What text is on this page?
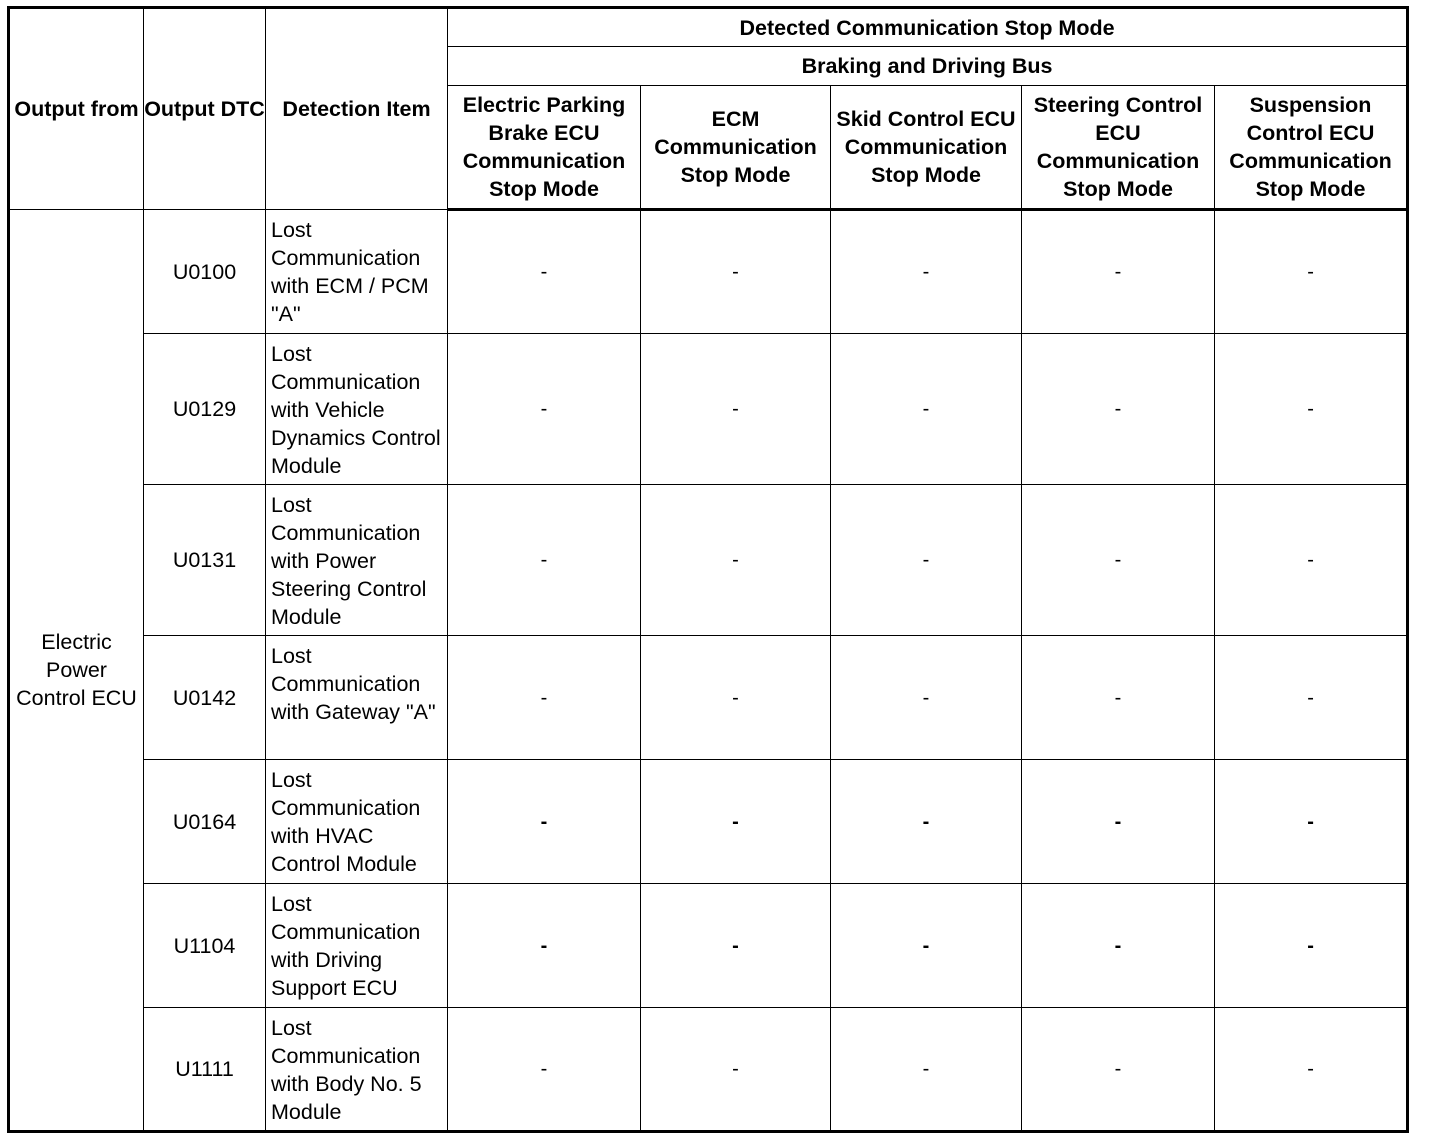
Output from	Output DTC	Detection Item	Detected Communication Stop Mode				
			Braking and Driving Bus				
			Electric Parking Brake ECU Communication Stop Mode	ECM Communication Stop Mode	Skid Control ECU Communication Stop Mode	Steering Control ECU Communication Stop Mode	Suspension Control ECU Communication Stop Mode
Electric Power Control ECU	U0100	Lost Communication with ECM / PCM "A"	-	-	-	-	-
	U0129	Lost Communication with Vehicle Dynamics Control Module	-	-	-	-	-
	U0131	Lost Communication with Power Steering Control Module	-	-	-	-	-
	U0142	Lost Communication with Gateway "A"	-	-	-	-	-
	U0164	Lost Communication with HVAC Control Module	-	-	-	-	-
	U1104	Lost Communication with Driving Support ECU	-	-	-	-	-
	U1111	Lost Communication with Body No. 5 Module	-	-	-	-	-
